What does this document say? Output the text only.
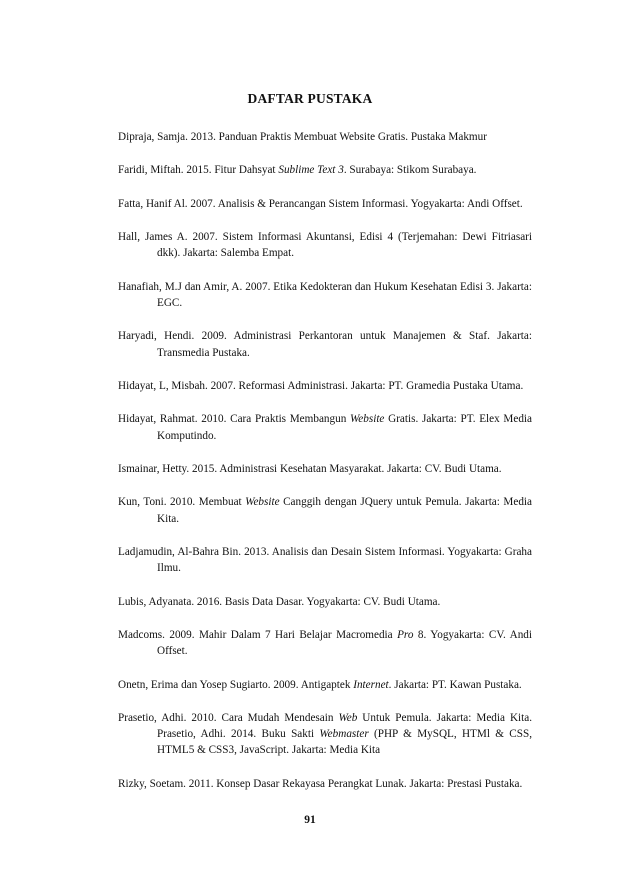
DAFTAR PUSTAKA
Dipraja, Samja. 2013. Panduan Praktis Membuat Website Gratis. Pustaka Makmur
Faridi, Miftah. 2015. Fitur Dahsyat Sublime Text 3. Surabaya: Stikom Surabaya.
Fatta, Hanif Al. 2007. Analisis & Perancangan Sistem Informasi. Yogyakarta: Andi Offset.
Hall, James A. 2007. Sistem Informasi Akuntansi, Edisi 4 (Terjemahan: Dewi Fitriasari dkk). Jakarta: Salemba Empat.
Hanafiah, M.J dan Amir, A. 2007. Etika Kedokteran dan Hukum Kesehatan Edisi 3. Jakarta: EGC.
Haryadi, Hendi. 2009. Administrasi Perkantoran untuk Manajemen & Staf. Jakarta: Transmedia Pustaka.
Hidayat, L, Misbah. 2007. Reformasi Administrasi. Jakarta: PT. Gramedia Pustaka Utama.
Hidayat, Rahmat. 2010. Cara Praktis Membangun Website Gratis. Jakarta: PT. Elex Media Komputindo.
Ismainar, Hetty. 2015. Administrasi Kesehatan Masyarakat. Jakarta: CV. Budi Utama.
Kun, Toni. 2010. Membuat Website Canggih dengan JQuery untuk Pemula. Jakarta: Media Kita.
Ladjamudin, Al-Bahra Bin. 2013. Analisis dan Desain Sistem Informasi. Yogyakarta: Graha Ilmu.
Lubis, Adyanata. 2016. Basis Data Dasar. Yogyakarta: CV. Budi Utama.
Madcoms. 2009. Mahir Dalam 7 Hari Belajar Macromedia Pro 8. Yogyakarta: CV. Andi Offset.
Onetn, Erima dan Yosep Sugiarto. 2009. Antigaptek Internet. Jakarta: PT. Kawan Pustaka.
Prasetio, Adhi. 2010. Cara Mudah Mendesain Web Untuk Pemula. Jakarta: Media Kita. Prasetio, Adhi. 2014. Buku Sakti Webmaster (PHP & MySQL, HTMl & CSS, HTML5 & CSS3, JavaScript. Jakarta: Media Kita
Rizky, Soetam. 2011. Konsep Dasar Rekayasa Perangkat Lunak. Jakarta: Prestasi Pustaka.
91
